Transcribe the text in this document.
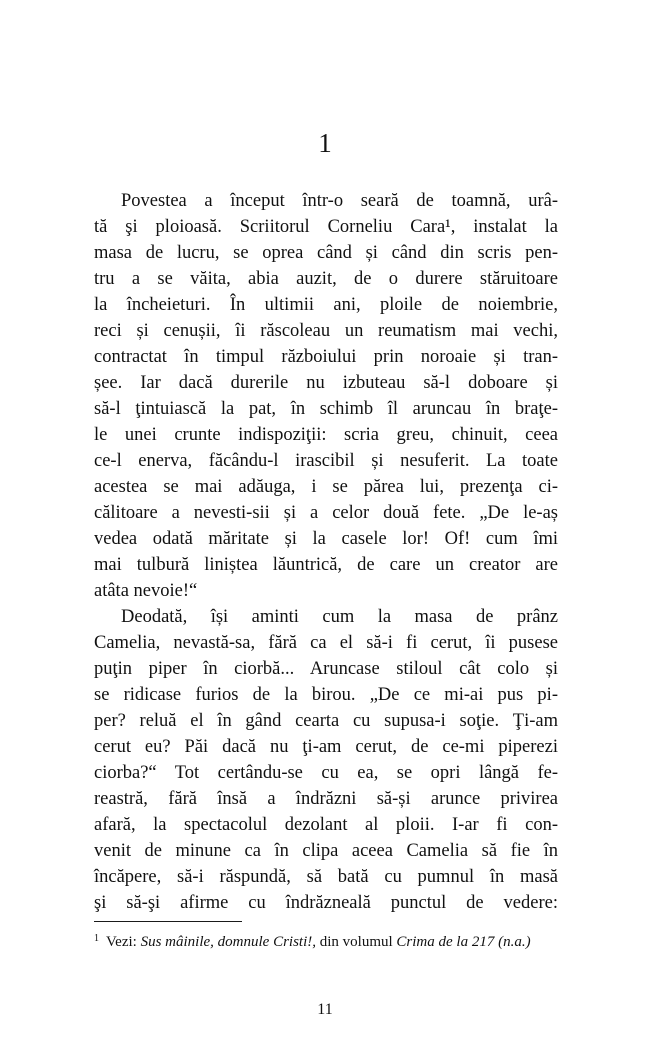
1
Povestea a început într-o seară de toamnă, urâ-
tă şi ploioasă. Scriitorul Corneliu Cara¹, instalat la
masa de lucru, se oprea când și când din scris pen-
tru a se văita, abia auzit, de o durere stăruitoare
la încheieturi. În ultimii ani, ploile de noiembrie,
reci și cenușii, îi răscoleau un reumatism mai vechi,
contractat în timpul războiului prin noroaie și tran-
șee. Iar dacă durerile nu izbuteau să-l doboare și
să-l ţintuiască la pat, în schimb îl aruncau în braţe-
le unei crunte indispoziţii: scria greu, chinuit, ceea
ce-l enerva, făcându-l irascibil și nesuferit. La toate
acestea se mai adăuga, i se părea lui, prezenţa ci-
călitoare a nevesti-sii și a celor două fete. „De le-aș
vedea odată măritate și la casele lor! Of! cum îmi
mai tulbură liniștea lăuntrică, de care un creator are
atâta nevoie!“
Deodată, își aminti cum la masa de prânz
Camelia, nevastă-sa, fără ca el să-i fi cerut, îi pusese
puţin piper în ciorbă... Aruncase stiloul cât colo și
se ridicase furios de la birou. „De ce mi-ai pus pi-
per? reluă el în gând cearta cu supusa-i soţie. Ţi-am
cerut eu? Păi dacă nu ţi-am cerut, de ce-mi piperezi
ciorba?“ Tot certându-se cu ea, se opri lângă fe-
reastră, fără însă a îndrăzni să-și arunce privirea
afară, la spectacolul dezolant al ploii. I-ar fi con-
venit de minune ca în clipa aceea Camelia să fie în
încăpere, să-i răspundă, să bată cu pumnul în masă
şi să-şi afirme cu îndrăzneală punctul de vedere:
$^1$ Vezi: Sus mâinile, domnule Cristi!, din volumul Crima de la 217 (n.a.)
11
